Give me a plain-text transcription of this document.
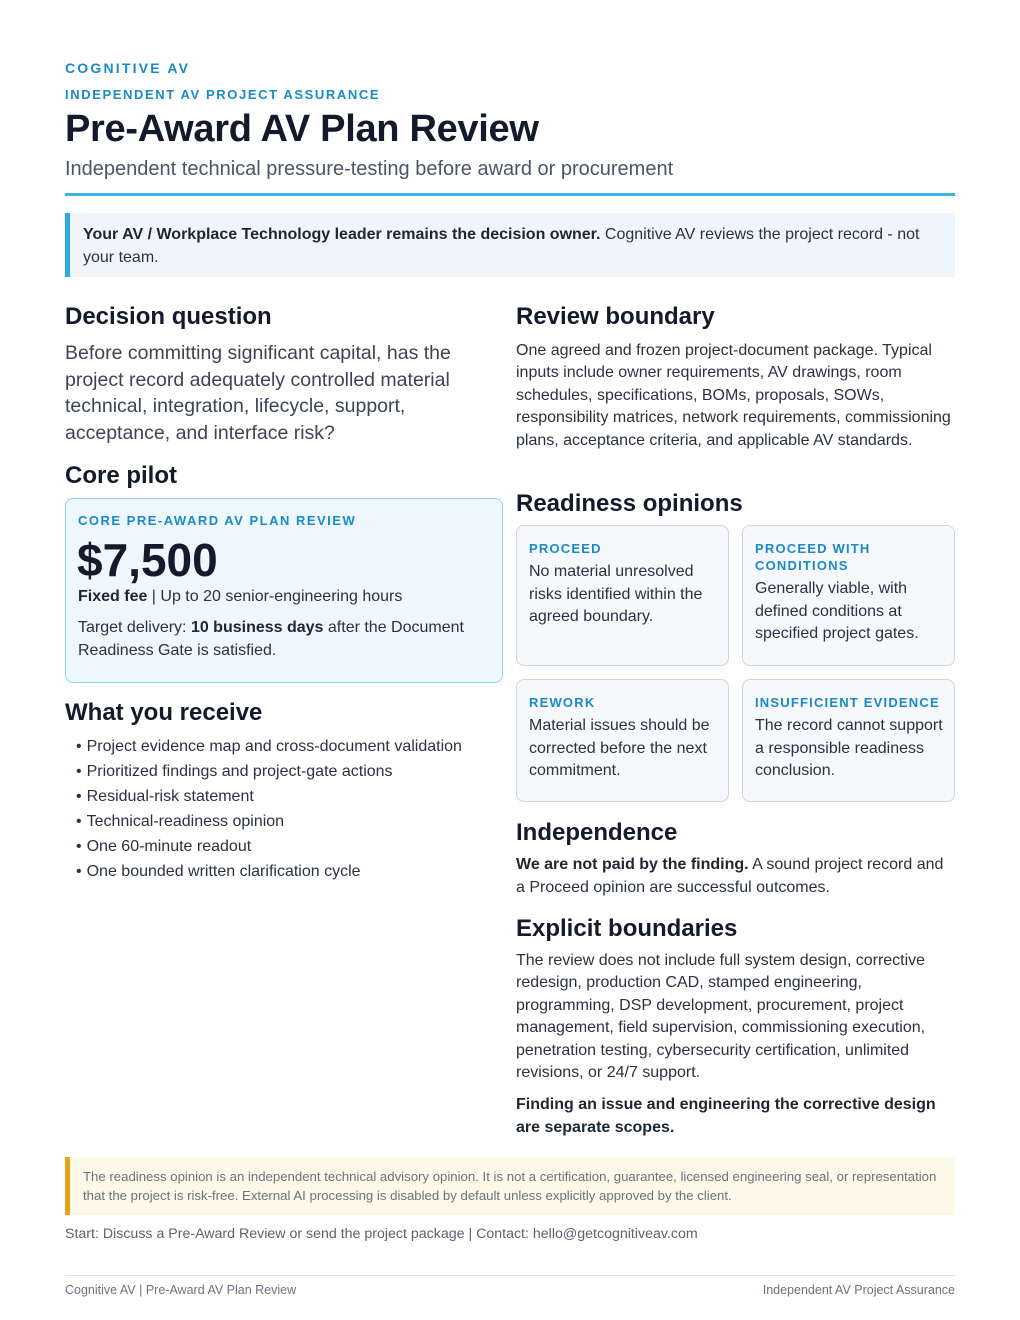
COGNITIVE AV
INDEPENDENT AV PROJECT ASSURANCE
Pre-Award AV Plan Review
Independent technical pressure-testing before award or procurement
Your AV / Workplace Technology leader remains the decision owner. Cognitive AV reviews the project record - not your team.
Decision question

Before committing significant capital, has the project record adequately controlled material technical, integration, lifecycle, support, acceptance, and interface risk?

Core pilot
CORE PRE-AWARD AV PLAN REVIEW
$7,500
Fixed fee | Up to 20 senior-engineering hours
Target delivery: 10 business days after the Document Readiness Gate is satisfied.
What you receive
• Project evidence map and cross-document validation
• Prioritized findings and project-gate actions
• Residual-risk statement
• Technical-readiness opinion
• One 60-minute readout
• One bounded written clarification cycle
Review boundary

One agreed and frozen project-document package. Typical inputs include owner requirements, AV drawings, room schedules, specifications, BOMs, proposals, SOWs, responsibility matrices, network requirements, commissioning plans, acceptance criteria, and applicable AV standards.

Readiness opinions
PROCEED
No material unresolved risks identified within the agreed boundary.
PROCEED WITH CONDITIONS
Generally viable, with defined conditions at specified project gates.
REWORK
Material issues should be corrected before the next commitment.
INSUFFICIENT EVIDENCE
The record cannot support a responsible readiness conclusion.
Independence

We are not paid by the finding. A sound project record and a Proceed opinion are successful outcomes.

Explicit boundaries

The review does not include full system design, corrective redesign, production CAD, stamped engineering, programming, DSP development, procurement, project management, field supervision, commissioning execution, penetration testing, cybersecurity certification, unlimited revisions, or 24/7 support.

Finding an issue and engineering the corrective design are separate scopes.

The readiness opinion is an independent technical advisory opinion. It is not a certification, guarantee, licensed engineering seal, or representation that the project is risk-free. External AI processing is disabled by default unless explicitly approved by the client.
Start: Discuss a Pre-Award Review or send the project package | Contact: hello@getcognitiveav.com
Cognitive AV | Pre-Award AV Plan Review	Independent AV Project Assurance
